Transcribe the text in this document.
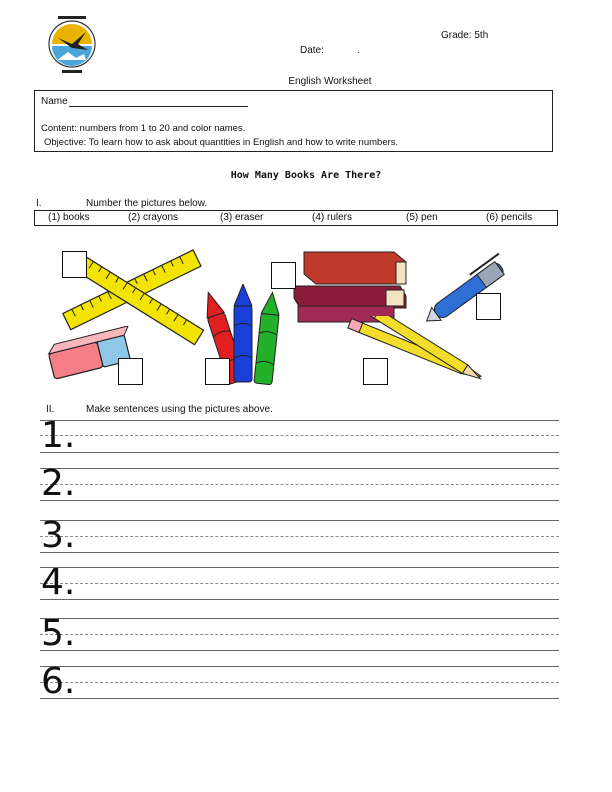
Grade: 5th
Date:	.
English Worksheet
Name
Content: numbers from 1 to 20 and color names.
Objective: To learn how to ask about quantities in English and how to write numbers.
How Many Books Are There?
I.	Number the pictures below.
(1) books	(2) crayons	(3) eraser	(4) rulers	(5) pen	(6) pencils
II.	Make sentences using the pictures above.
1.
2.
3.
4.
5.
6.
